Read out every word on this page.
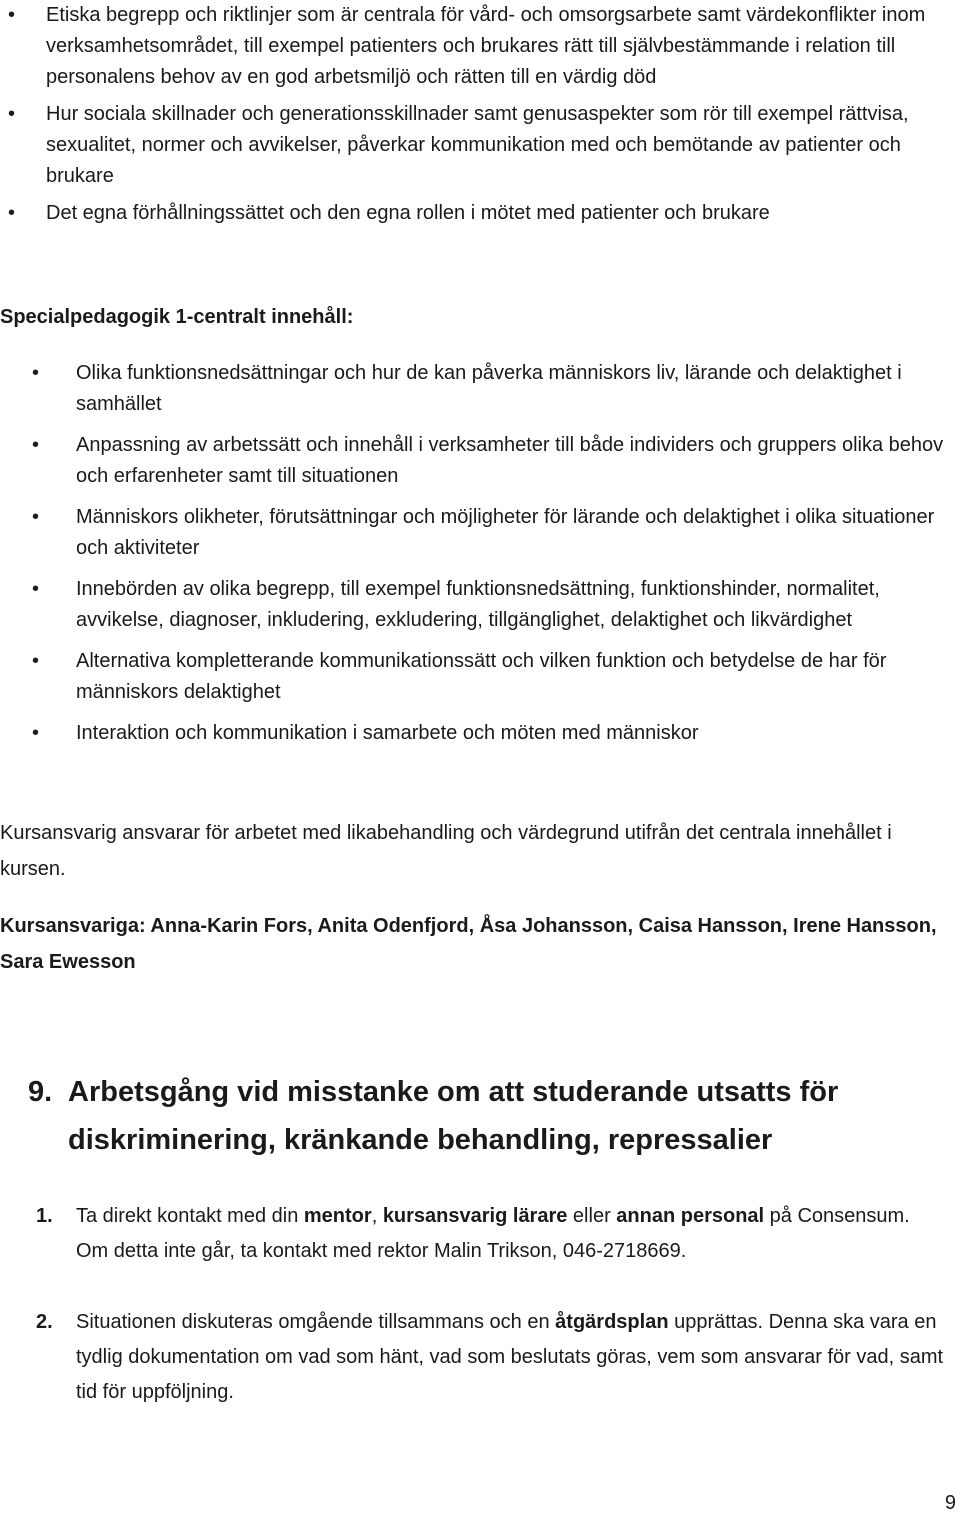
• Etiska begrepp och riktlinjer som är centrala för vård- och omsorgsarbete samt värdekonflikter inom verksamhetsområdet, till exempel patienters och brukares rätt till självbestämmande i relation till personalens behov av en god arbetsmiljö och rätten till en värdig död
• Hur sociala skillnader och generationsskillnader samt genusaspekter som rör till exempel rättvisa, sexualitet, normer och avvikelser, påverkar kommunikation med och bemötande av patienter och brukare
• Det egna förhållningssättet och den egna rollen i mötet med patienter och brukare
Specialpedagogik 1-centralt innehåll:
• Olika funktionsnedsättningar och hur de kan påverka människors liv, lärande och delaktighet i samhället
• Anpassning av arbetssätt och innehåll i verksamheter till både individers och gruppers olika behov och erfarenheter samt till situationen
• Människors olikheter, förutsättningar och möjligheter för lärande och delaktighet i olika situationer och aktiviteter
• Innebörden av olika begrepp, till exempel funktionsnedsättning, funktionshinder, normalitet, avvikelse, diagnoser, inkludering, exkludering, tillgänglighet, delaktighet och likvärdighet
• Alternativa kompletterande kommunikationssätt och vilken funktion och betydelse de har för människors delaktighet
• Interaktion och kommunikation i samarbete och möten med människor
Kursansvarig ansvarar för arbetet med likabehandling och värdegrund utifrån det centrala innehållet i kursen.
Kursansvariga: Anna-Karin Fors, Anita Odenfjord, Åsa Johansson, Caisa Hansson, Irene Hansson, Sara Ewesson
9. Arbetsgång vid misstanke om att studerande utsatts för diskriminering, kränkande behandling, repressalier
1. Ta direkt kontakt med din mentor, kursansvarig lärare eller annan personal på Consensum. Om detta inte går, ta kontakt med rektor Malin Trikson, 046-2718669.
2. Situationen diskuteras omgående tillsammans och en åtgärdsplan upprättas. Denna ska vara en tydlig dokumentation om vad som hänt, vad som beslutats göras, vem som ansvarar för vad, samt tid för uppföljning.
9
